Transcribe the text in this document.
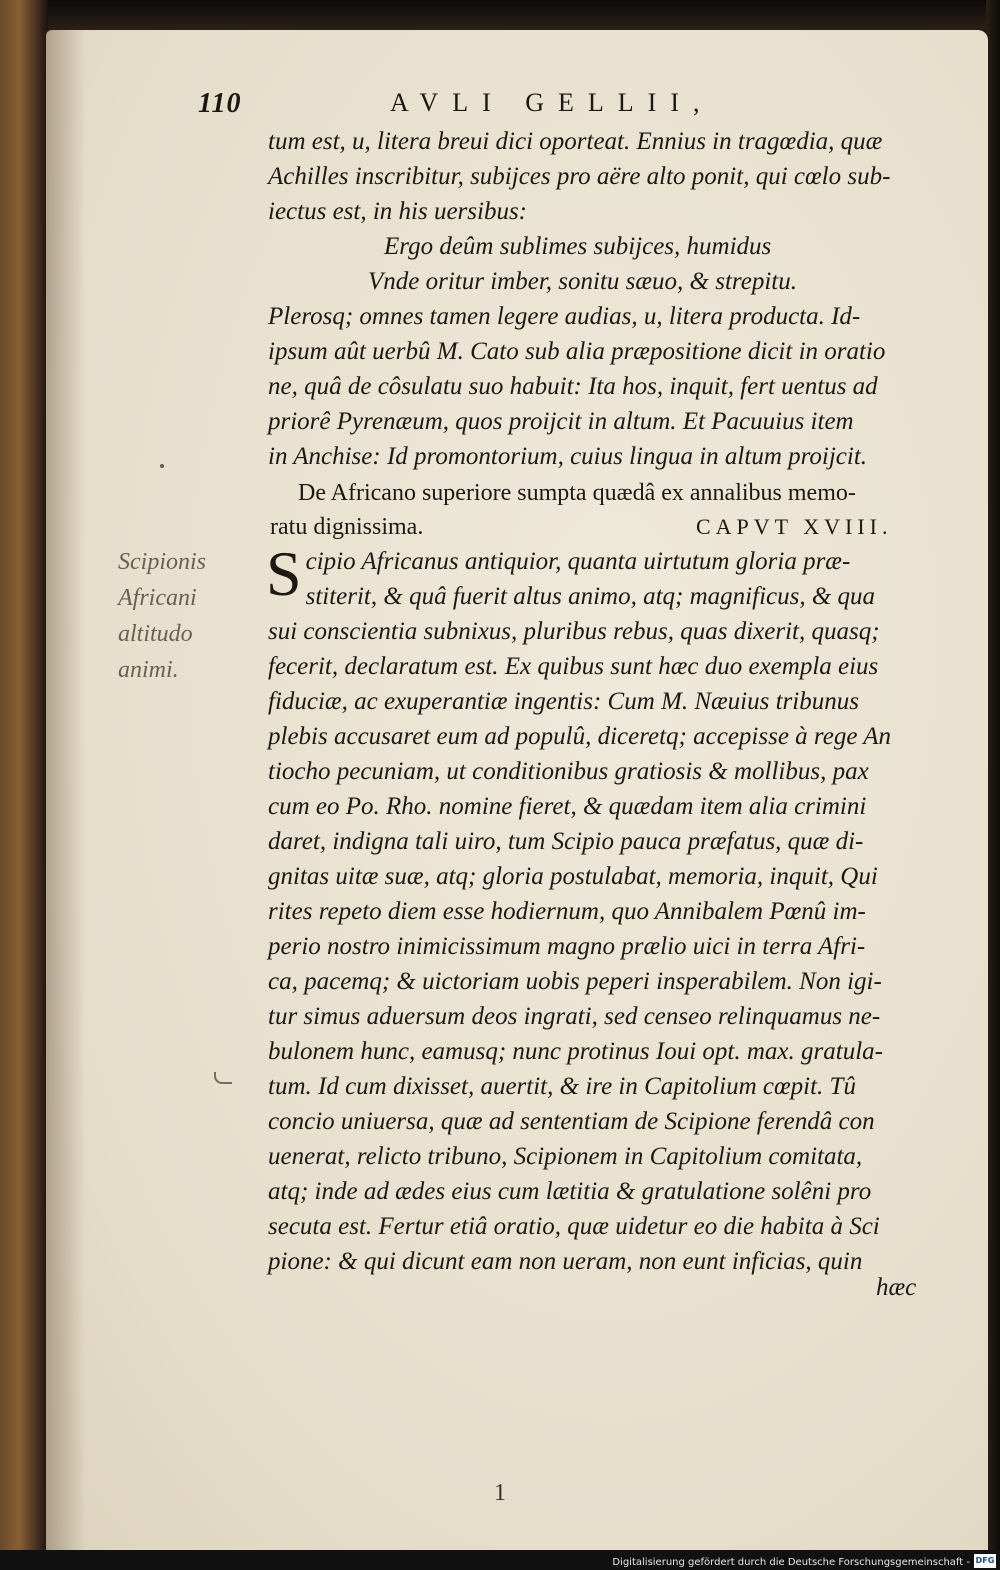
110	AVLI GELLII,
tum est, u, litera breui dici oporteat. Ennius in tragœdia, quæ
Achilles inscribitur, subijces pro aëre alto ponit, qui cœlo sub-
iectus est, in his uersibus:
Ergo deûm sublimes subijces, humidus
Vnde oritur imber, sonitu sæuo, & strepitu.
Plerosq; omnes tamen legere audias, u, litera producta. Id-
ipsum aût uerbû M. Cato sub alia præpositione dicit in oratio
ne, quâ de côsulatu suo habuit: Ita hos, inquit, fert uentus ad
priorê Pyrenæum, quos proijcit in altum. Et Pacuuius item
in Anchise: Id promontorium, cuius lingua in altum proijcit.
De Africano superiore sumpta quædâ ex annalibus memo-
ratu dignissima.	CAPVT XVIII.
Scipionis
Africani
altitudo
animi.
S cipio Africanus antiquior, quanta uirtutum gloria præ-
stiterit, & quâ fuerit altus animo, atq; magnificus, & qua
sui conscientia subnixus, pluribus rebus, quas dixerit, quasq;
fecerit, declaratum est. Ex quibus sunt hæc duo exempla eius
fiduciæ, ac exuperantiæ ingentis: Cum M. Næuius tribunus
plebis accusaret eum ad populû, diceretq; accepisse à rege An
tiocho pecuniam, ut conditionibus gratiosis & mollibus, pax
cum eo Po. Rho. nomine fieret, & quædam item alia crimini
daret, indigna tali uiro, tum Scipio pauca præfatus, quæ di-
gnitas uitæ suæ, atq; gloria postulabat, memoria, inquit, Qui
rites repeto diem esse hodiernum, quo Annibalem Pœnû im-
perio nostro inimicissimum magno prælio uici in terra Afri-
ca, pacemq; & uictoriam uobis peperi insperabilem. Non igi-
tur simus aduersum deos ingrati, sed censeo relinquamus ne-
bulonem hunc, eamusq; nunc protinus Ioui opt. max. gratula-
tum. Id cum dixisset, auertit, & ire in Capitolium cœpit. Tû
concio uniuersa, quæ ad sententiam de Scipione ferendâ con
uenerat, relicto tribuno, Scipionem in Capitolium comitata,
atq; inde ad ædes eius cum lætitia & gratulatione solêni pro
secuta est. Fertur etiâ oratio, quæ uidetur eo die habita à Sci
pione: & qui dicunt eam non ueram, non eunt inficias, quin
hæc
1
Digitalisierung gefördert durch die Deutsche Forschungsgemeinschaft - DFG
